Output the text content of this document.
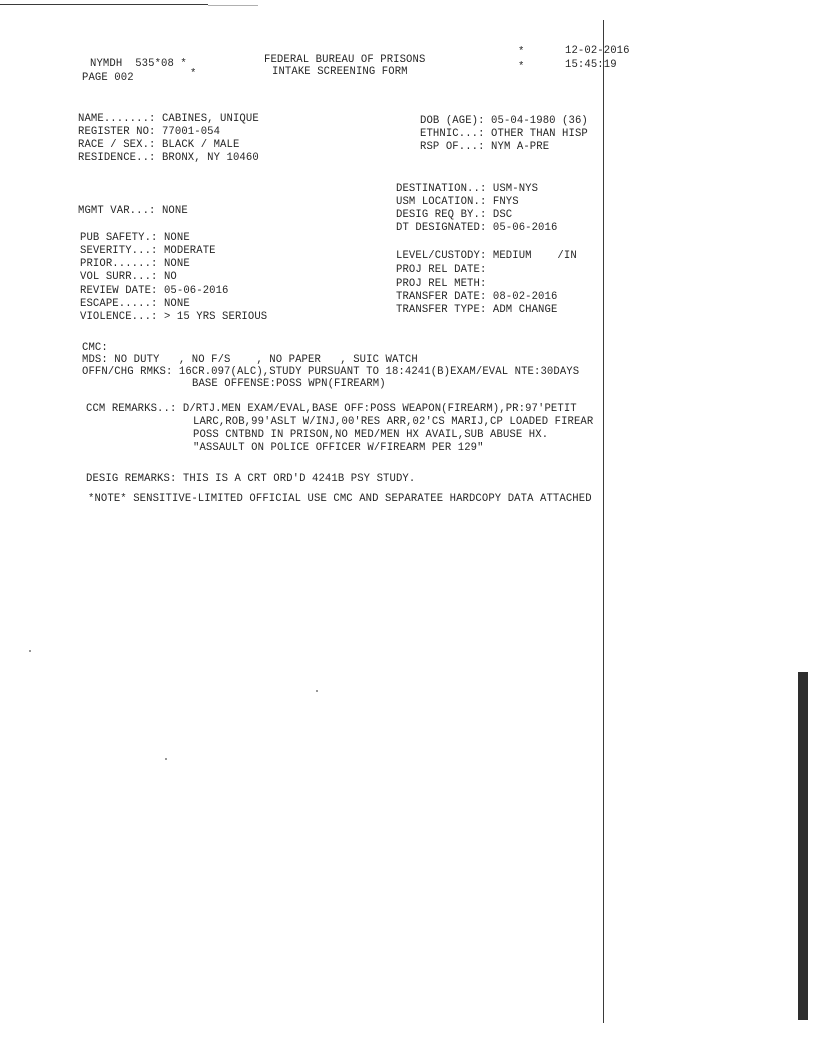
NYMDH  535*08 *
PAGE 002	*
FEDERAL BUREAU OF PRISONS
INTAKE SCREENING FORM
*
*
12-02-2016
15:45:19
NAME.......: CABINES, UNIQUE
REGISTER NO: 77001-054
RACE / SEX.: BLACK / MALE
RESIDENCE..: BRONX, NY 10460
DOB (AGE): 05-04-1980 (36)
ETHNIC...: OTHER THAN HISP
RSP OF...: NYM A-PRE
DESTINATION..: USM-NYS
USM LOCATION.: FNYS
DESIG REQ BY.: DSC
DT DESIGNATED: 05-06-2016
MGMT VAR...: NONE
PUB SAFETY.: NONE
SEVERITY...: MODERATE
PRIOR......: NONE
VOL SURR...: NO
REVIEW DATE: 05-06-2016
ESCAPE.....: NONE
VIOLENCE...: > 15 YRS SERIOUS
LEVEL/CUSTODY: MEDIUM    /IN
PROJ REL DATE:
PROJ REL METH:
TRANSFER DATE: 08-02-2016
TRANSFER TYPE: ADM CHANGE
CMC:
MDS: NO DUTY   , NO F/S    , NO PAPER   , SUIC WATCH
OFFN/CHG RMKS: 16CR.097(ALC),STUDY PURSUANT TO 18:4241(B)EXAM/EVAL NTE:30DAYS
BASE OFFENSE:POSS WPN(FIREARM)
CCM REMARKS..: D/RTJ.MEN EXAM/EVAL,BASE OFF:POSS WEAPON(FIREARM),PR:97'PETIT
LARC,ROB,99'ASLT W/INJ,00'RES ARR,02'CS MARIJ,CP LOADED FIREAR
POSS CNTBND IN PRISON,NO MED/MEN HX AVAIL,SUB ABUSE HX.
"ASSAULT ON POLICE OFFICER W/FIREARM PER 129"
DESIG REMARKS: THIS IS A CRT ORD'D 4241B PSY STUDY.
*NOTE* SENSITIVE-LIMITED OFFICIAL USE CMC AND SEPARATEE HARDCOPY DATA ATTACHED
